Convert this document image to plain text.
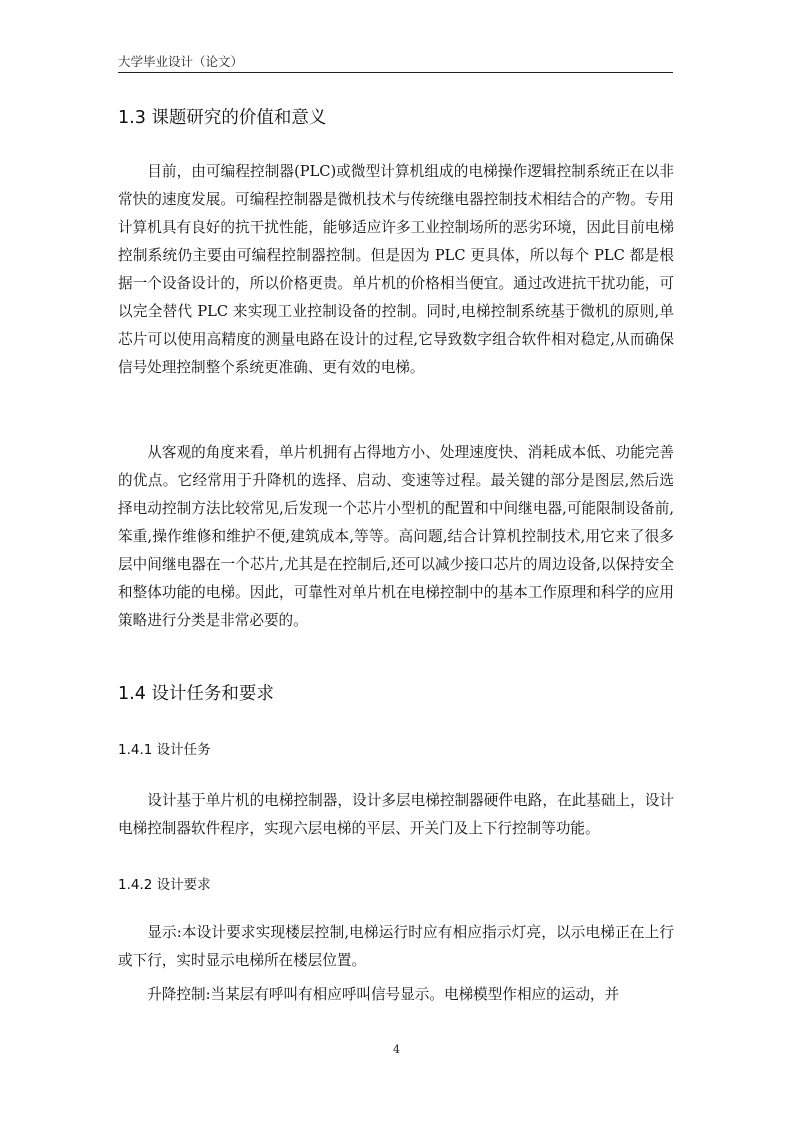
大学毕业设计（论文）
1.3 课题研究的价值和意义

目前，由可编程控制器(PLC)或微型计算机组成的电梯操作逻辑控制系统正在以非常快的速度发展。可编程控制器是微机技术与传统继电器控制技术相结合的产物。专用计算机具有良好的抗干扰性能，能够适应许多工业控制场所的恶劣环境，因此目前电梯控制系统仍主要由可编程控制器控制。但是因为 PLC 更具体，所以每个 PLC 都是根据一个设备设计的，所以价格更贵。单片机的价格相当便宜。通过改进抗干扰功能，可以完全替代 PLC 来实现工业控制设备的控制。同时,电梯控制系统基于微机的原则,单芯片可以使用高精度的测量电路在设计的过程,它导致数字组合软件相对稳定,从而确保信号处理控制整个系统更准确、更有效的电梯。

从客观的角度来看，单片机拥有占得地方小、处理速度快、消耗成本低、功能完善的优点。它经常用于升降机的选择、启动、变速等过程。最关键的部分是图层,然后选择电动控制方法比较常见,后发现一个芯片小型机的配置和中间继电器,可能限制设备前,笨重,操作维修和维护不便,建筑成本,等等。高问题,结合计算机控制技术,用它来了很多层中间继电器在一个芯片,尤其是在控制后,还可以减少接口芯片的周边设备,以保持安全和整体功能的电梯。因此，可靠性对单片机在电梯控制中的基本工作原理和科学的应用策略进行分类是非常必要的。

1.4 设计任务和要求
1.4.1 设计任务

设计基于单片机的电梯控制器，设计多层电梯控制器硬件电路，在此基础上，设计电梯控制器软件程序，实现六层电梯的平层、开关门及上下行控制等功能。

1.4.2 设计要求

显示:本设计要求实现楼层控制,电梯运行时应有相应指示灯亮，以示电梯正在上行或下行，实时显示电梯所在楼层位置。

升降控制:当某层有呼叫有相应呼叫信号显示。电梯模型作相应的运动，并

4
